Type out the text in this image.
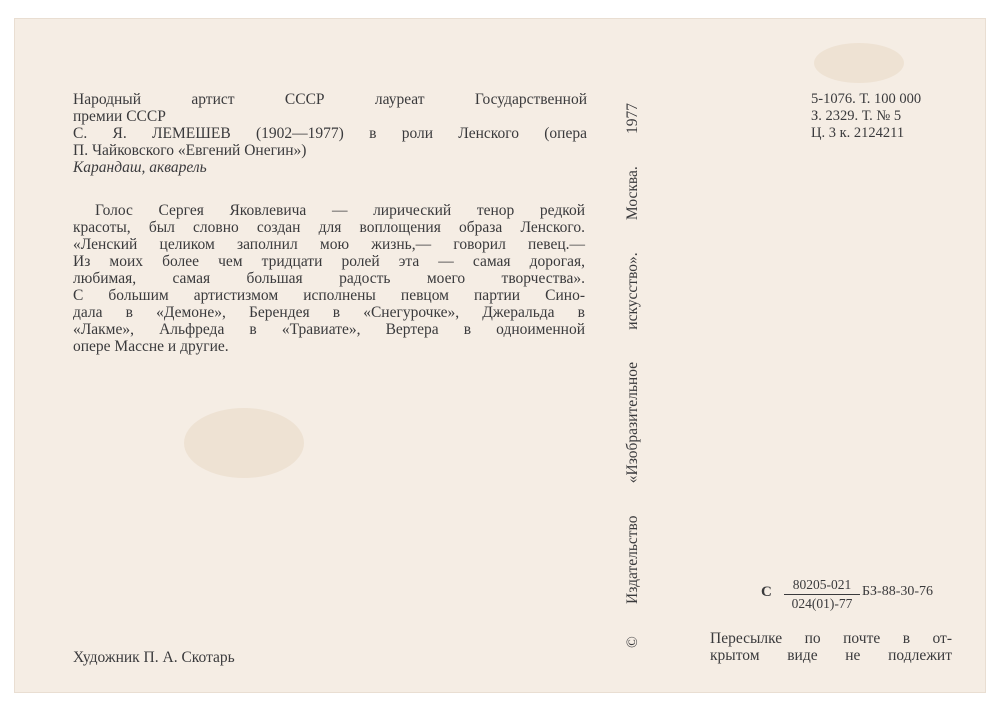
Народный артист СССР лауреат Государственной
премии СССР
С. Я. ЛЕМЕШЕВ (1902—1977) в роли Ленского (опера
П. Чайковского «Евгений Онегин»)
Карандаш, акварель
Голос Сергея Яковлевича — лирический тенор редкой
красоты, был словно создан для воплощения образа Ленского.
«Ленский целиком заполнил мою жизнь,— говорил певец.—
Из моих более чем тридцати ролей эта — самая дорогая,
любимая, самая большая радость моего творчества».
С большим артистизмом исполнены певцом партии Сино-
дала в «Демоне», Берендея в «Снегурочке», Джеральда в
«Лакме», Альфреда в «Травиате», Вертера в одноименной
опере Массне и другие.
Художник П. А. Скотарь
©
Издательство
«Изобразительное
искусство».
Москва.
1977
5-1076. Т. 100 000
З. 2329. Т. № 5
Ц. 3 к. 2124211
С $\frac{80205-021}{024(01)-77} БЗ-88-30-76$
Пересылке по почте в от-
крытом виде не подлежит
